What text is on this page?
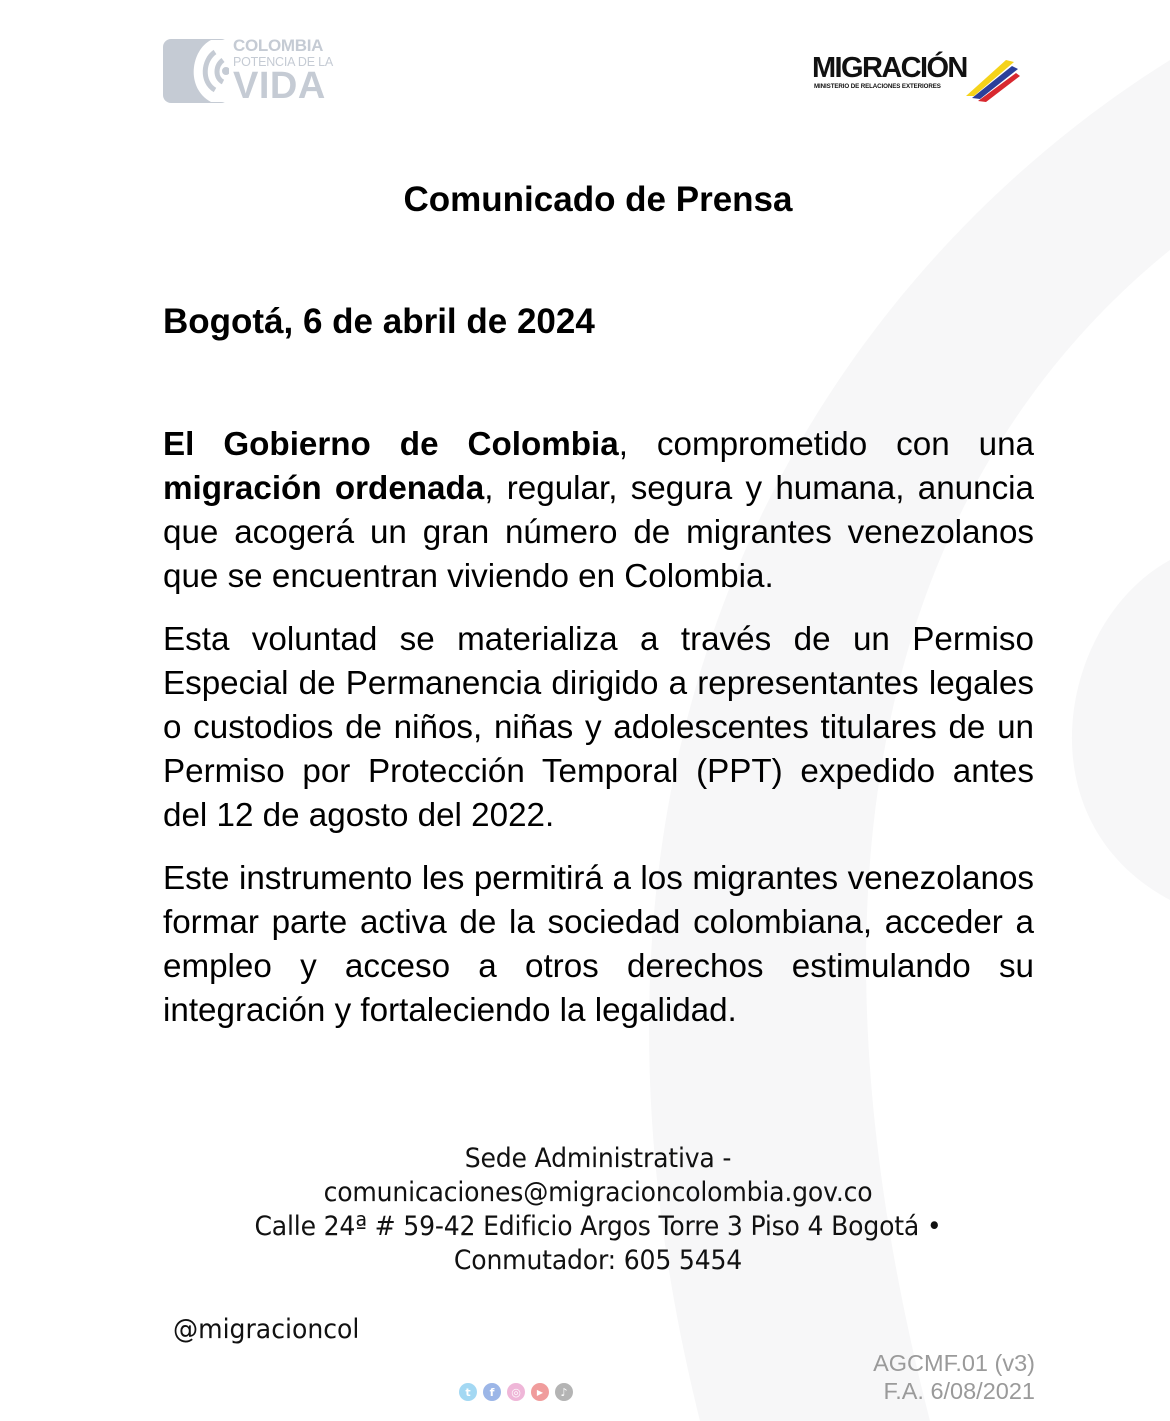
COLOMBIA
POTENCIA DE LA
VIDA	MIGRACIÓN
MINISTERIO DE RELACIONES EXTERIORES
Comunicado de Prensa
Bogotá, 6 de abril de 2024

El Gobierno de Colombia, comprometido con una migración ordenada, regular, segura y humana, anuncia que acogerá un gran número de migrantes venezolanos que se encuentran viviendo en Colombia.

Esta voluntad se materializa a través de un Permiso Especial de Permanencia dirigido a representantes legales o custodios de niños, niñas y adolescentes titulares de un Permiso por Protección Temporal (PPT) expedido antes del 12 de agosto del 2022.

Este instrumento les permitirá a los migrantes venezolanos formar parte activa de la sociedad colombiana, acceder a empleo y acceso a otros derechos estimulando su integración y fortaleciendo la legalidad.

Sede Administrativa -
comunicaciones@migracioncolombia.gov.co
Calle 24ª # 59-42 Edificio Argos Torre 3 Piso 4 Bogotá •
Conmutador: 605 5454
@migracioncol
t	f	◎	▶	♪
AGCMF.01 (v3)
F.A. 6/08/2021
